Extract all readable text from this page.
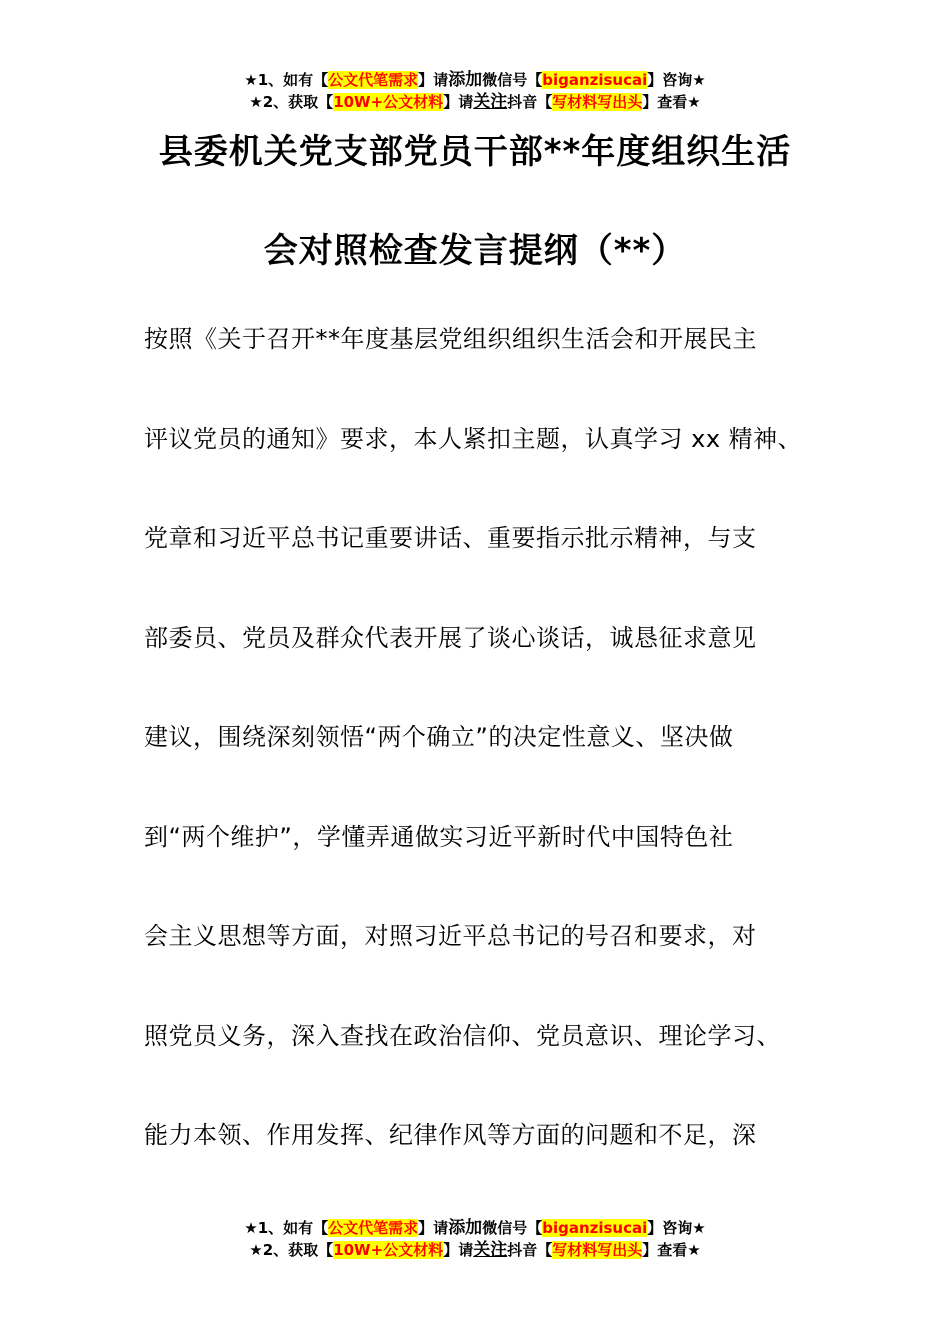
★1、如有【公文代笔需求】请添加微信号【biganzisucai】咨询★
★2、获取【10W+公文材料】请关注抖音【写材料写出头】查看★
县委机关党支部党员干部**年度组织生活
会对照检查发言提纲（**）
按照《关于召开**年度基层党组织组织生活会和开展民主
评议党员的通知》要求，本人紧扣主题，认真学习 xx 精神、
党章和习近平总书记重要讲话、重要指示批示精神，与支
部委员、党员及群众代表开展了谈心谈话，诚恳征求意见
建议，围绕深刻领悟“两个确立”的决定性意义、坚决做
到“两个维护”，学懂弄通做实习近平新时代中国特色社
会主义思想等方面，对照习近平总书记的号召和要求，对
照党员义务，深入查找在政治信仰、党员意识、理论学习、
能力本领、作用发挥、纪律作风等方面的问题和不足，深
★1、如有【公文代笔需求】请添加微信号【biganzisucai】咨询★
★2、获取【10W+公文材料】请关注抖音【写材料写出头】查看★
